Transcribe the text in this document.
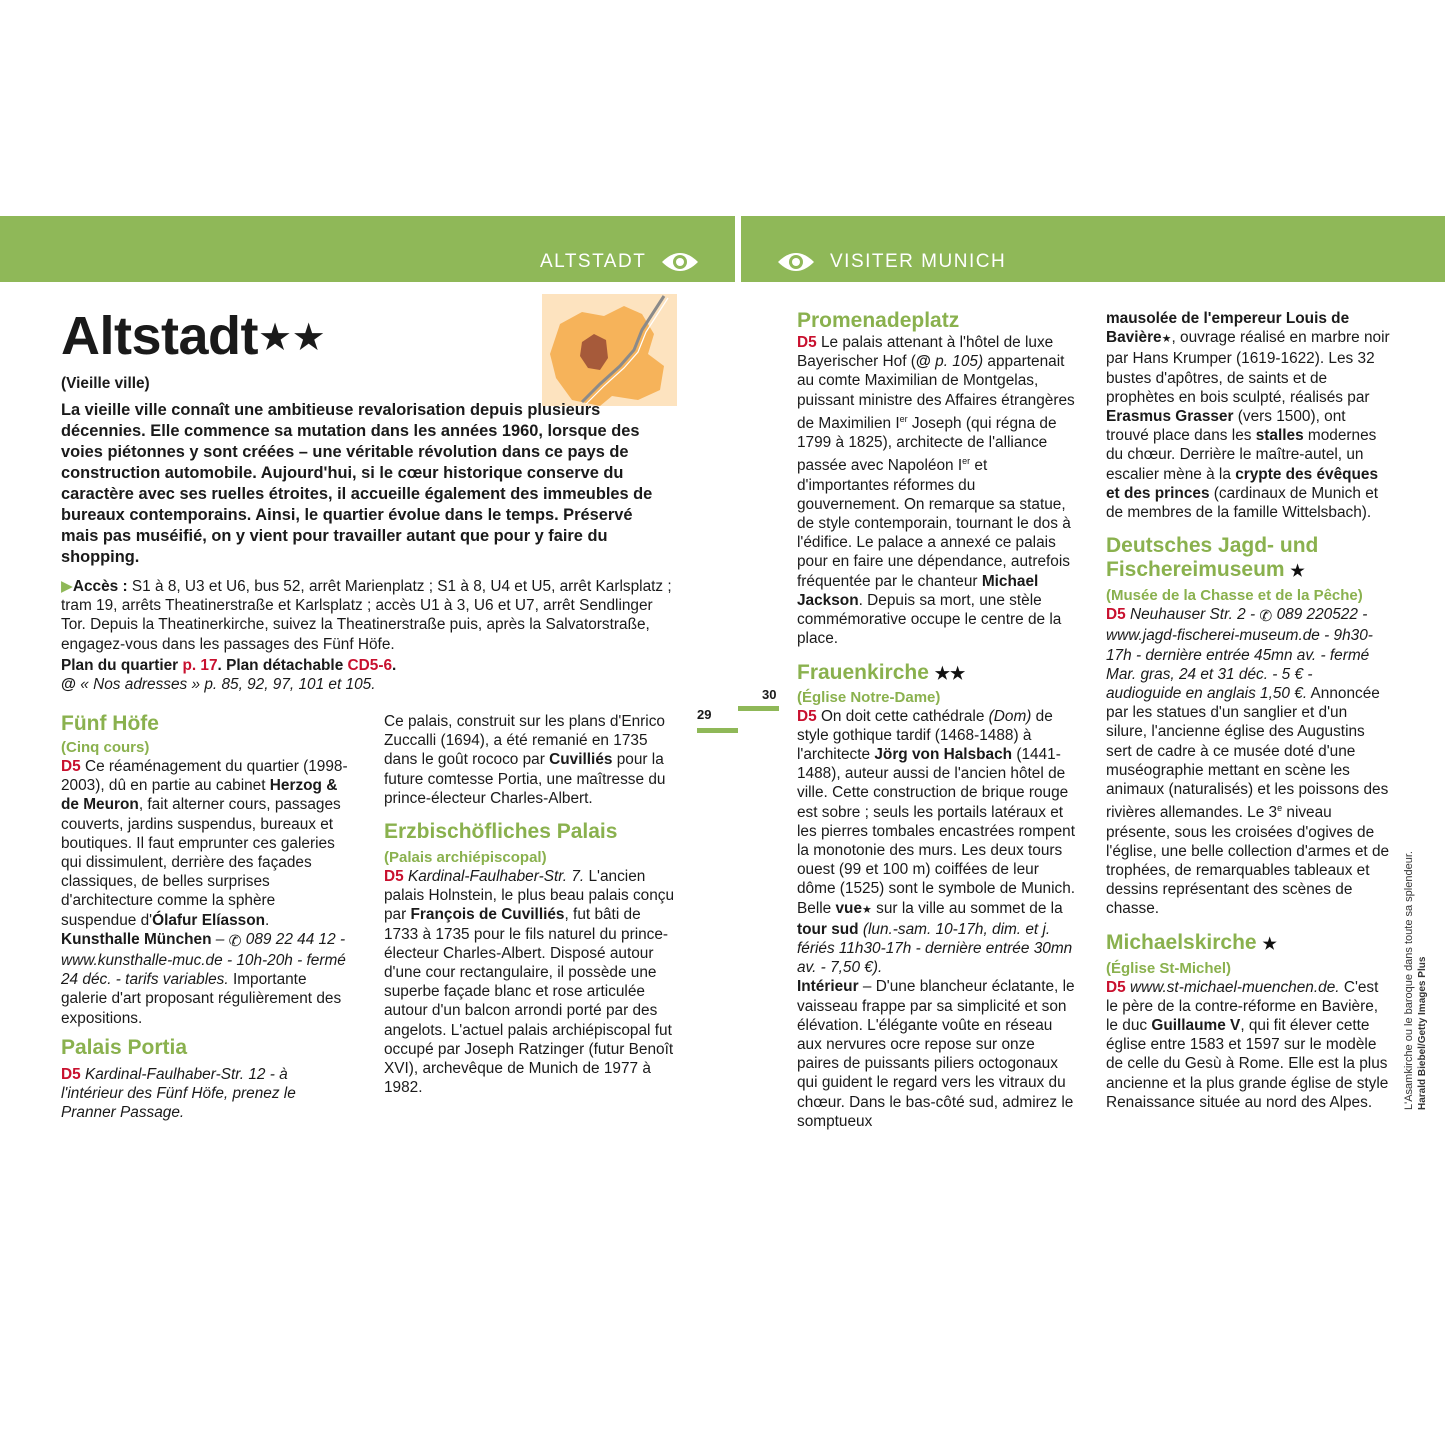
ALTSTADT	VISITER MUNICH
Altstadt★★

(Vieille ville)

La vieille ville connaît une ambitieuse revalorisation depuis plusieurs décennies. Elle commence sa mutation dans les années 1960, lorsque des voies piétonnes y sont créées – une véritable révolution dans ce pays de construction automobile. Aujourd'hui, si le cœur historique conserve du caractère avec ses ruelles étroites, il accueille également des immeubles de bureaux contemporains. Ainsi, le quartier évolue dans le temps. Préservé mais pas muséifié, on y vient pour travailler autant que pour y faire du shopping.

▶Accès : S1 à 8, U3 et U6, bus 52, arrêt Marienplatz ; S1 à 8, U4 et U5, arrêt Karlsplatz ; tram 19, arrêts Theatinerstraße et Karlsplatz ; accès U1 à 3, U6 et U7, arrêt Sendlinger Tor. Depuis la Theatinerkirche, suivez la Theatinerstraße puis, après la Salvatorstraße, engagez-vous dans les passages des Fünf Höfe.

Plan du quartier p. 17. Plan détachable CD5-6.

@ « Nos adresses » p. 85, 92, 97, 101 et 105.

Fünf Höfe

(Cinq cours)

D5 Ce réaménagement du quartier (1998-2003), dû en partie au cabinet Herzog & de Meuron, fait alterner cours, passages couverts, jardins suspendus, bureaux et boutiques. Il faut emprunter ces galeries qui dissimulent, derrière des façades classiques, de belles surprises d'architecture comme la sphère suspendue d'Ólafur Elíasson.

Kunsthalle München – ✆ 089 22 44 12 - www.kunsthalle-muc.de - 10h-20h - fermé 24 déc. - tarifs variables. Importante galerie d'art proposant régulièrement des expositions.

Palais Portia

D5 Kardinal-Faulhaber-Str. 12 - à l'intérieur des Fünf Höfe, prenez le Pranner Passage.

Ce palais, construit sur les plans d'Enrico Zuccalli (1694), a été remanié en 1735 dans le goût rococo par Cuvilliés pour la future comtesse Portia, une maîtresse du prince-électeur Charles-Albert.

Erzbischöfliches Palais

(Palais archiépiscopal)

D5 Kardinal-Faulhaber-Str. 7. L'ancien palais Holnstein, le plus beau palais conçu par François de Cuvilliés, fut bâti de 1733 à 1735 pour le fils naturel du prince-électeur Charles-Albert. Disposé autour d'une cour rectangulaire, il possède une superbe façade blanc et rose articulée autour d'un balcon arrondi porté par des angelots. L'actuel palais archiépiscopal fut occupé par Joseph Ratzinger (futur Benoît XVI), archevêque de Munich de 1977 à 1982.

29
30

Promenadeplatz

D5 Le palais attenant à l'hôtel de luxe Bayerischer Hof (@ p. 105) appartenait au comte Maximilian de Montgelas, puissant ministre des Affaires étrangères de Maximilien Ier Joseph (qui régna de 1799 à 1825), architecte de l'alliance passée avec Napoléon Ier et d'importantes réformes du gouvernement. On remarque sa statue, de style contemporain, tournant le dos à l'édifice. Le palace a annexé ce palais pour en faire une dépendance, autrefois fréquentée par le chanteur Michael Jackson. Depuis sa mort, une stèle commémorative occupe le centre de la place.

Frauenkirche ★★

(Église Notre-Dame)

D5 On doit cette cathédrale (Dom) de style gothique tardif (1468-1488) à l'architecte Jörg von Halsbach (1441-1488), auteur aussi de l'ancien hôtel de ville. Cette construction de brique rouge est sobre ; seuls les portails latéraux et les pierres tombales encastrées rompent la monotonie des murs. Les deux tours ouest (99 et 100 m) coiffées de leur dôme (1525) sont le symbole de Munich. Belle vue★ sur la ville au sommet de la tour sud (lun.-sam. 10-17h, dim. et j. fériés 11h30-17h - dernière entrée 30mn av. - 7,50 €).

Intérieur – D'une blancheur éclatante, le vaisseau frappe par sa simplicité et son élévation. L'élégante voûte en réseau aux nervures ocre repose sur onze paires de puissants piliers octogonaux qui guident le regard vers les vitraux du chœur. Dans le bas-côté sud, admirez le somptueux

mausolée de l'empereur Louis de Bavière★, ouvrage réalisé en marbre noir par Hans Krumper (1619-1622). Les 32 bustes d'apôtres, de saints et de prophètes en bois sculpté, réalisés par Erasmus Grasser (vers 1500), ont trouvé place dans les stalles modernes du chœur. Derrière le maître-autel, un escalier mène à la crypte des évêques et des princes (cardinaux de Munich et de membres de la famille Wittelsbach).

Deutsches Jagd- und Fischereimuseum ★

(Musée de la Chasse et de la Pêche)

D5 Neuhauser Str. 2 - ✆ 089 220522 - www.jagd-fischerei-museum.de - 9h30-17h - dernière entrée 45mn av. - fermé Mar. gras, 24 et 31 déc. - 5 € - audioguide en anglais 1,50 €. Annoncée par les statues d'un sanglier et d'un silure, l'ancienne église des Augustins sert de cadre à ce musée doté d'une muséographie mettant en scène les animaux (naturalisés) et les poissons des rivières allemandes. Le 3e niveau présente, sous les croisées d'ogives de l'église, une belle collection d'armes et de trophées, de remarquables tableaux et dessins représentant des scènes de chasse.

Michaelskirche ★

(Église St-Michel)

D5 www.st-michael-muenchen.de. C'est le père de la contre-réforme en Bavière, le duc Guillaume V, qui fit élever cette église entre 1583 et 1597 sur le modèle de celle du Gesù à Rome. Elle est la plus ancienne et la plus grande église de style Renaissance située au nord des Alpes.	L'Asamkirche ou le baroque dans toute sa splendeur. Harald Biebel/Getty Images Plus
